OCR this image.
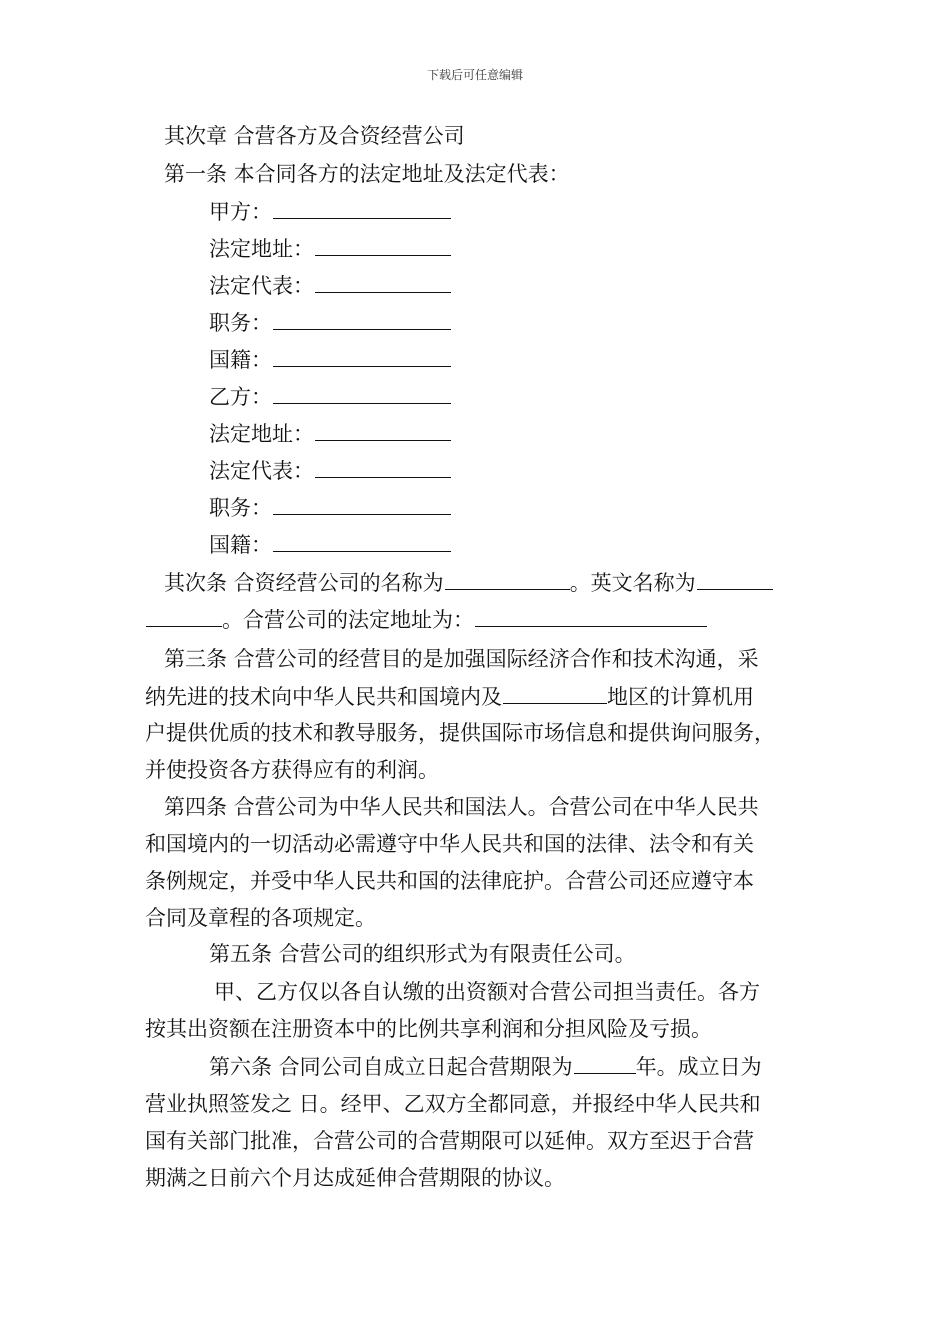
下载后可任意编辑
其次章 合营各方及合资经营公司
第一条 本合同各方的法定地址及法定代表：
甲方：
法定地址：
法定代表：
职务：
国籍：
乙方：
法定地址：
法定代表：
职务：
国籍：
其次条 合资经营公司的名称为	。英文名称为
。合营公司的法定地址为：
第三条 合营公司的经营目的是加强国际经济合作和技术沟通，采
纳先进的技术向中华人民共和国境内及	地区的计算机用
户提供优质的技术和教导服务，提供国际市场信息和提供询问服务，
并使投资各方获得应有的利润。
第四条 合营公司为中华人民共和国法人。合营公司在中华人民共
和国境内的一切活动必需遵守中华人民共和国的法律、法令和有关
条例规定，并受中华人民共和国的法律庇护。合营公司还应遵守本
合同及章程的各项规定。
第五条 合营公司的组织形式为有限责任公司。
甲、乙方仅以各自认缴的出资额对合营公司担当责任。各方
按其出资额在注册资本中的比例共享利润和分担风险及亏损。
第六条 合同公司自成立日起合营期限为	年。成立日为
营业执照签发之 日。经甲、乙双方全都同意，并报经中华人民共和
国有关部门批准，合营公司的合营期限可以延伸。双方至迟于合营
期满之日前六个月达成延伸合营期限的协议。
